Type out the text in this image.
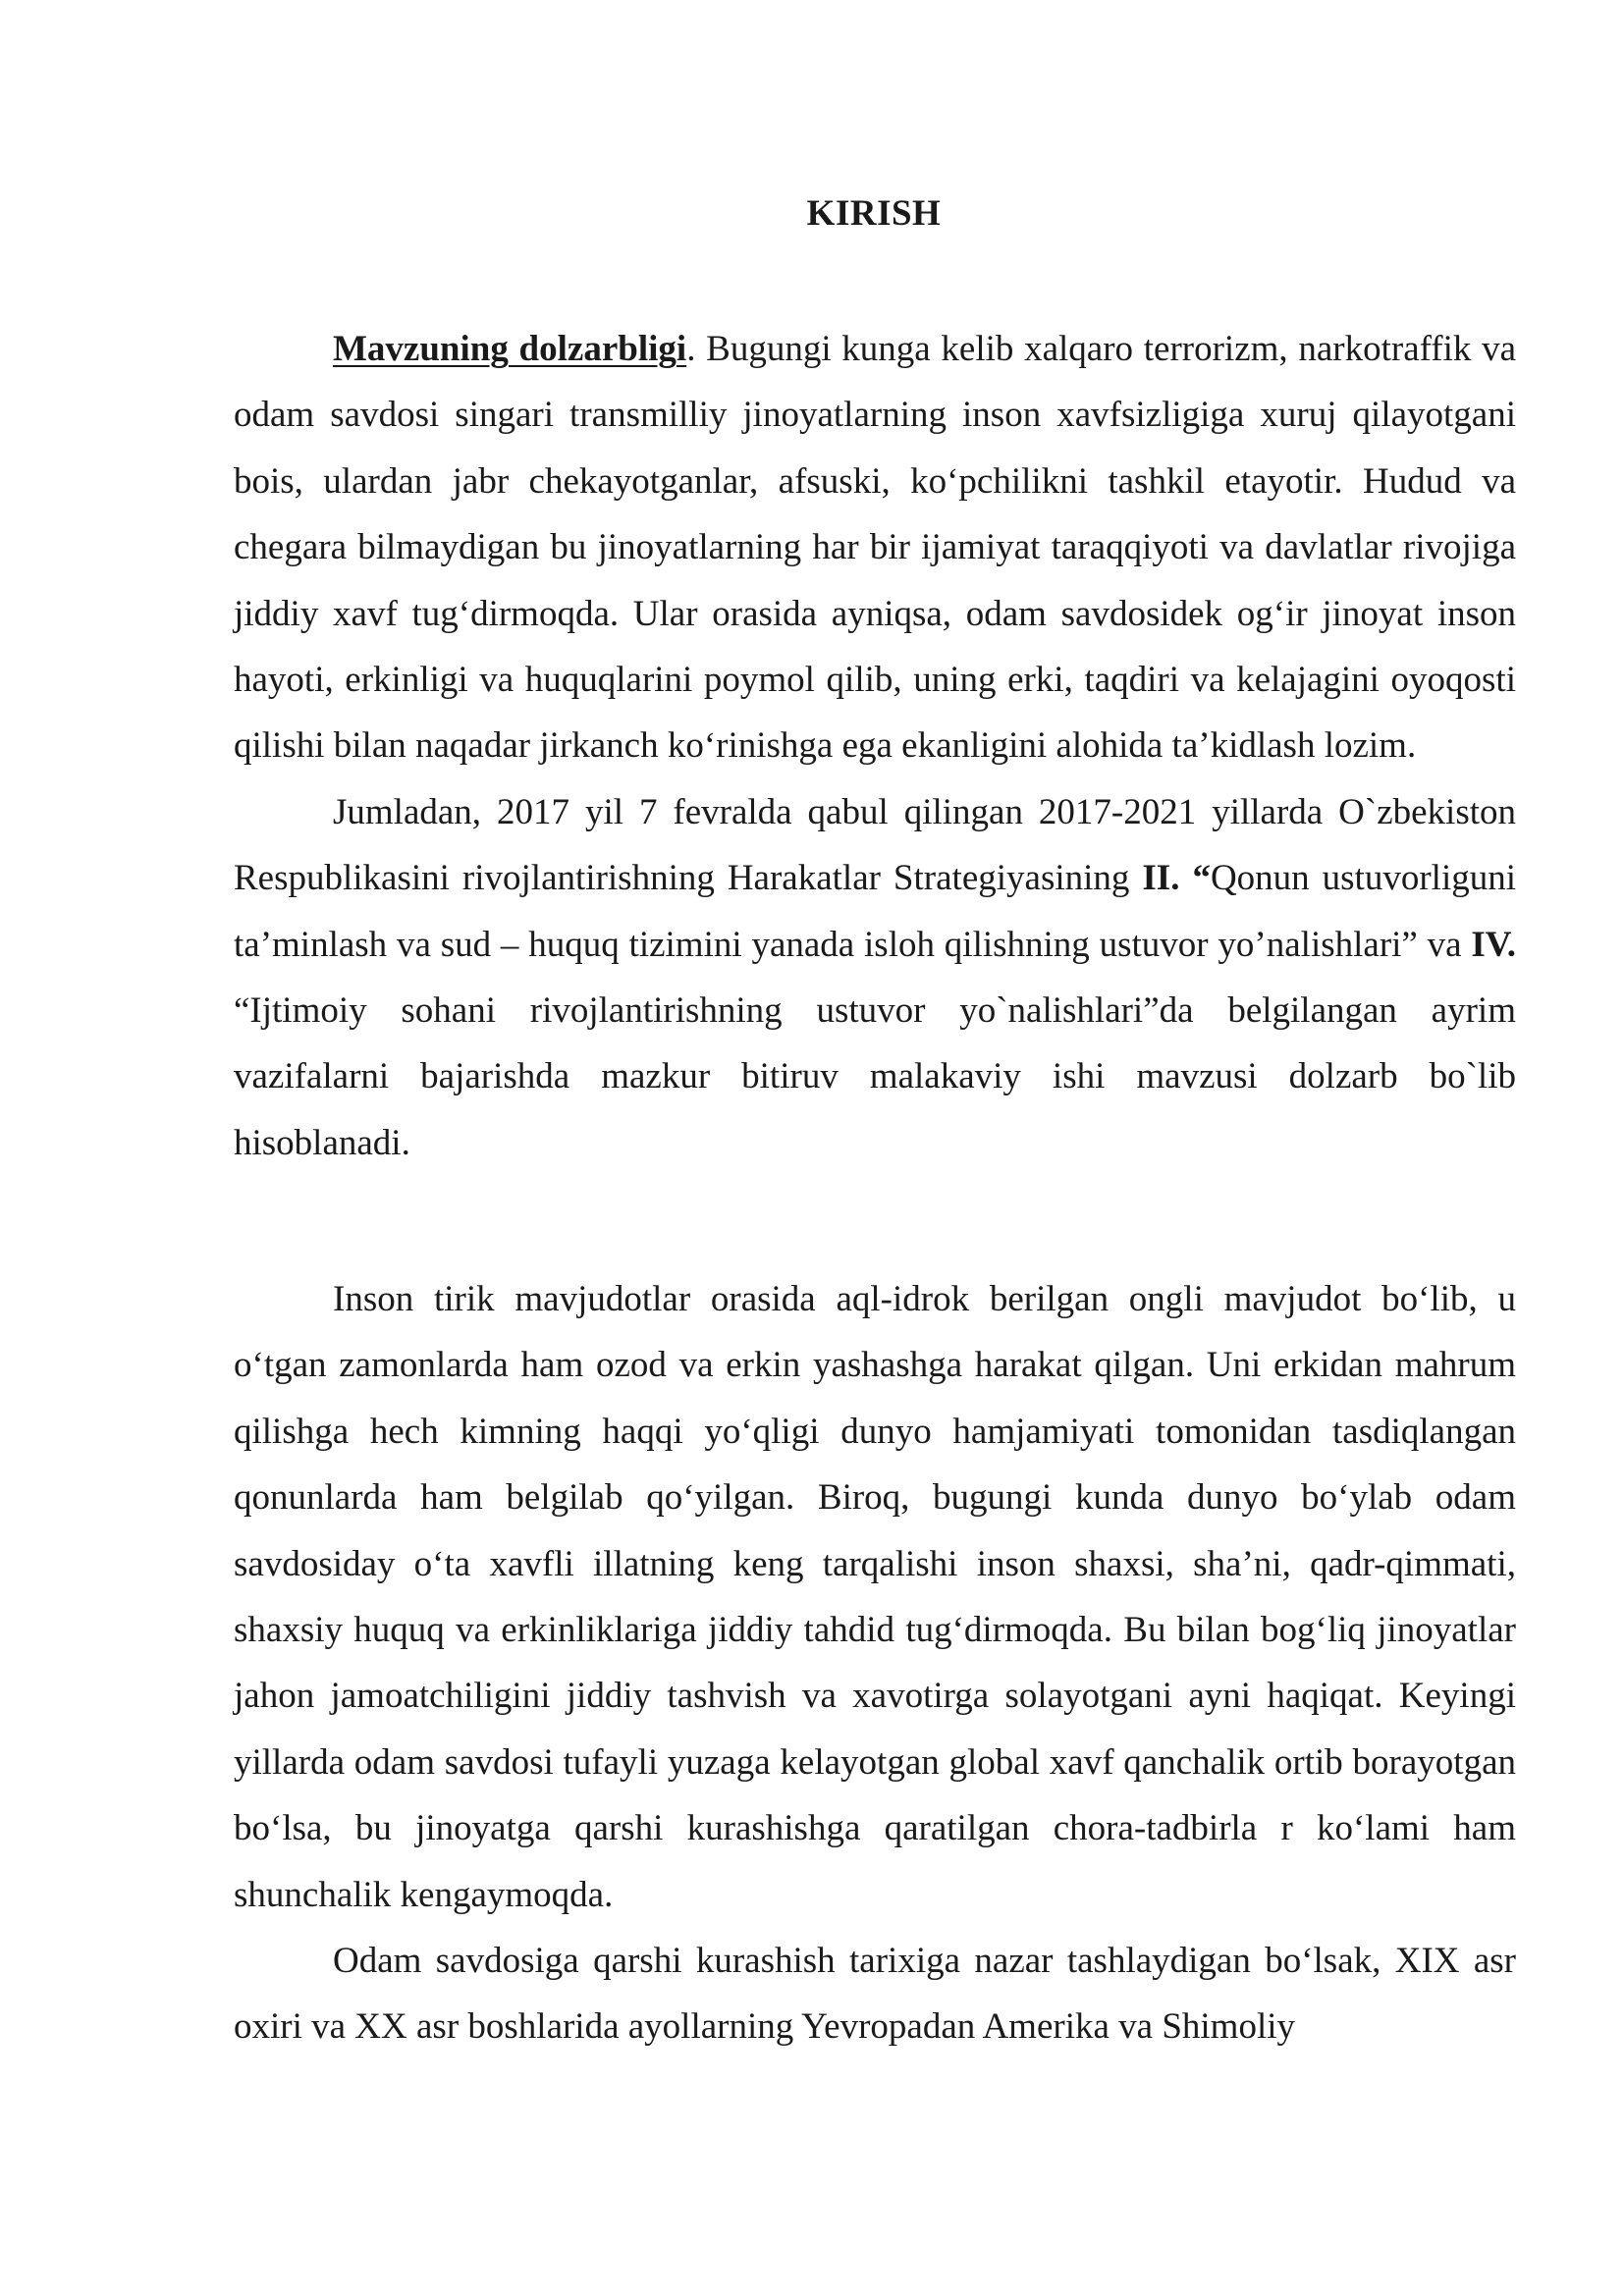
KIRISH

Mavzuning dolzarbligi. Bugungi kunga kelib xalqaro terrorizm, narkotraffik va odam savdosi singari transmilliy jinoyatlarning inson xavfsizligiga xuruj qilayotgani bois, ulardan jabr chekayotganlar, afsuski, ko‘pchilikni tashkil etayotir. Hudud va chegara bilmaydigan bu jinoyatlarning har bir ijamiyat taraqqiyoti va davlatlar rivojiga jiddiy xavf tug‘dirmoqda. Ular orasida ayniqsa, odam savdosidek og‘ir jinoyat inson hayoti, erkinligi va huquqlarini poymol qilib, uning erki, taqdiri va kelajagini oyoqosti qilishi bilan naqadar jirkanch ko‘rinishga ega ekanligini alohida ta’kidlash lozim.

Jumladan, 2017 yil 7 fevralda qabul qilingan 2017-2021 yillarda O`zbekiston Respublikasini rivojlantirishning Harakatlar Strategiyasining II. “Qonun ustuvorliguni ta’minlash va sud – huquq tizimini yanada isloh qilishning ustuvor yo’nalishlari” va IV. “Ijtimoiy sohani rivojlantirishning ustuvor yo`nalishlari”da belgilangan ayrim vazifalarni bajarishda mazkur bitiruv malakaviy ishi mavzusi dolzarb bo`lib hisoblanadi.

Inson tirik mavjudotlar orasida aql-idrok berilgan ongli mavjudot bo‘lib, u o‘tgan zamonlarda ham ozod va erkin yashashga harakat qilgan. Uni erkidan mahrum qilishga hech kimning haqqi yo‘qligi dunyo hamjamiyati tomonidan tasdiqlangan qonunlarda ham belgilab qo‘yilgan. Biroq, bugungi kunda dunyo bo‘ylab odam savdosiday o‘ta xavfli illatning keng tarqalishi inson shaxsi, sha’ni, qadr-qimmati, shaxsiy huquq va erkinliklariga jiddiy tahdid tug‘dirmoqda. Bu bilan bog‘liq jinoyatlar jahon jamoatchiligini jiddiy tashvish va xavotirga solayotgani ayni haqiqat. Keyingi yillarda odam savdosi tufayli yuzaga kelayotgan global xavf qanchalik ortib borayotgan bo‘lsa, bu jinoyatga qarshi kurashishga qaratilgan chora-tadbirla r ko‘lami ham shunchalik kengaymoqda.

Odam savdosiga qarshi kurashish tarixiga nazar tashlaydigan bo‘lsak, XIX asr oxiri va XX asr boshlarida ayollarning Yevropadan Amerika va Shimoliy
